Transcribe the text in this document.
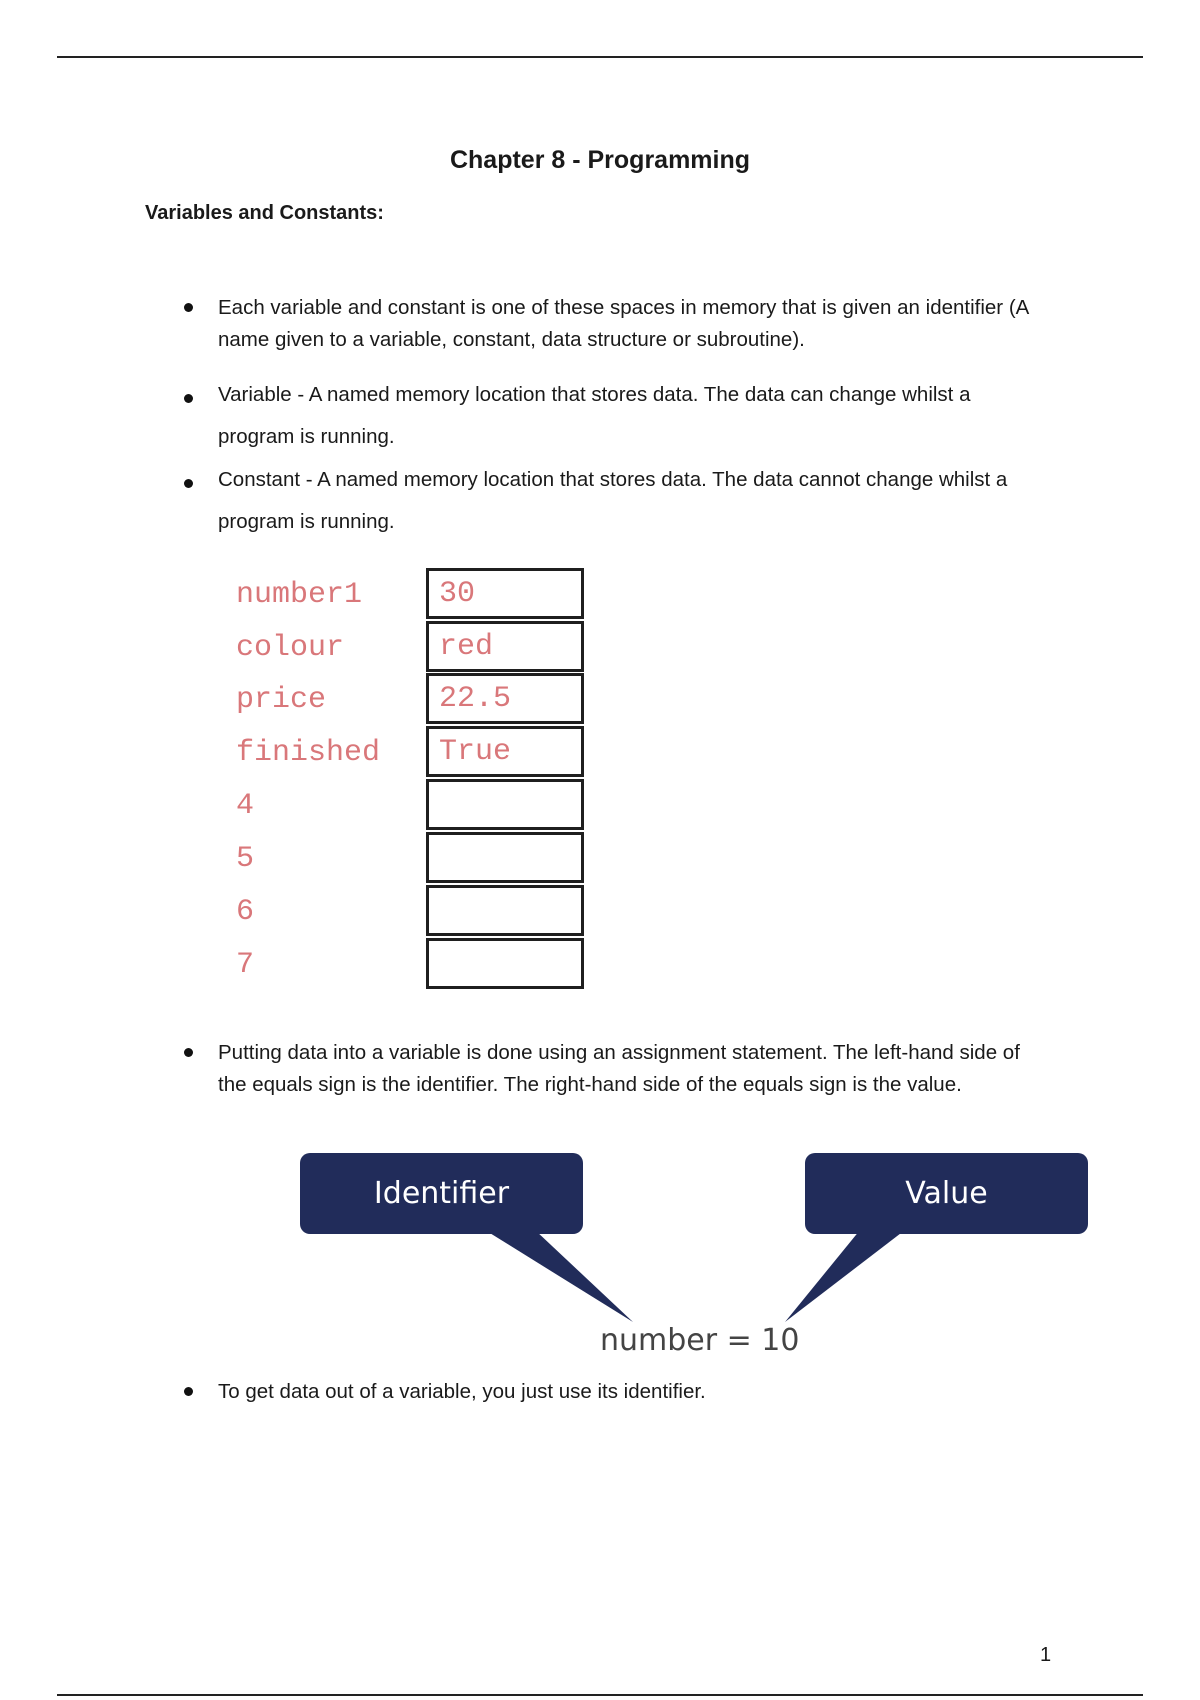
Chapter 8 - Programming
Variables and Constants:

Each variable and constant is one of these spaces in memory that is given an identifier (A name given to a variable, constant, data structure or subroutine).

Variable - A named memory location that stores data. The data can change whilst a program is running.

Constant - A named memory location that stores data. The data cannot change whilst a program is running.

number1	30
colour	red
price	22.5
finished	True
4
5
6
7

Putting data into a variable is done using an assignment statement. The left-hand side of the equals sign is the identifier. The right-hand side of the equals sign is the value.

Identifier	Value
number = 10

To get data out of a variable, you just use its identifier.

1
